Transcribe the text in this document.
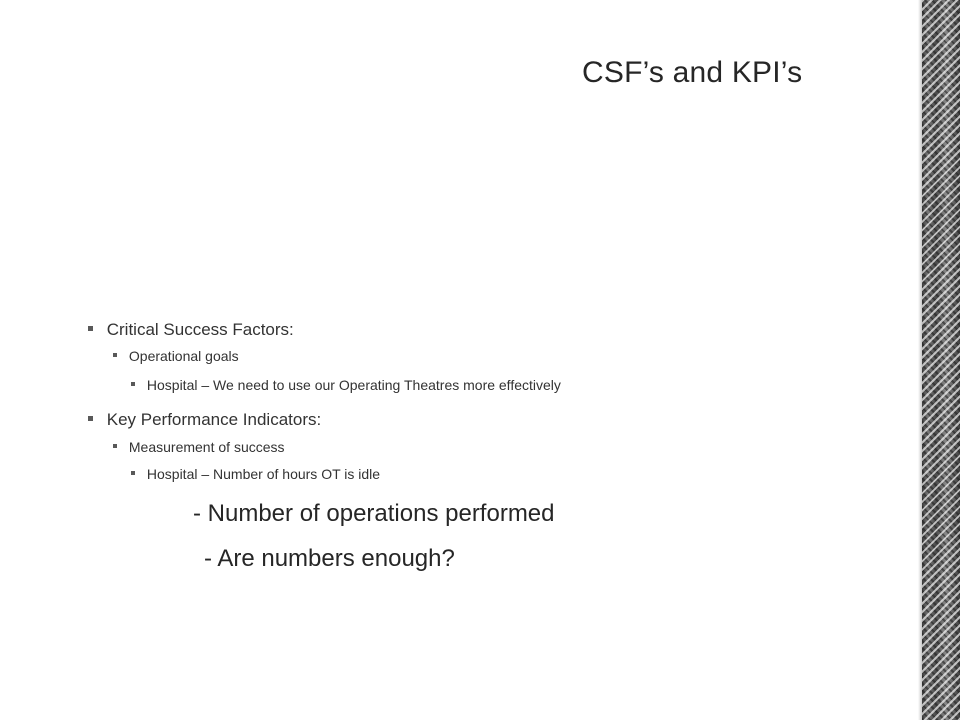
CSF’s and KPI’s
Critical Success Factors:
Operational goals
Hospital – We need to use our Operating Theatres more effectively
Key Performance Indicators:
Measurement of success
Hospital – Number of hours OT is idle
- Number of operations performed
- Are numbers enough?
